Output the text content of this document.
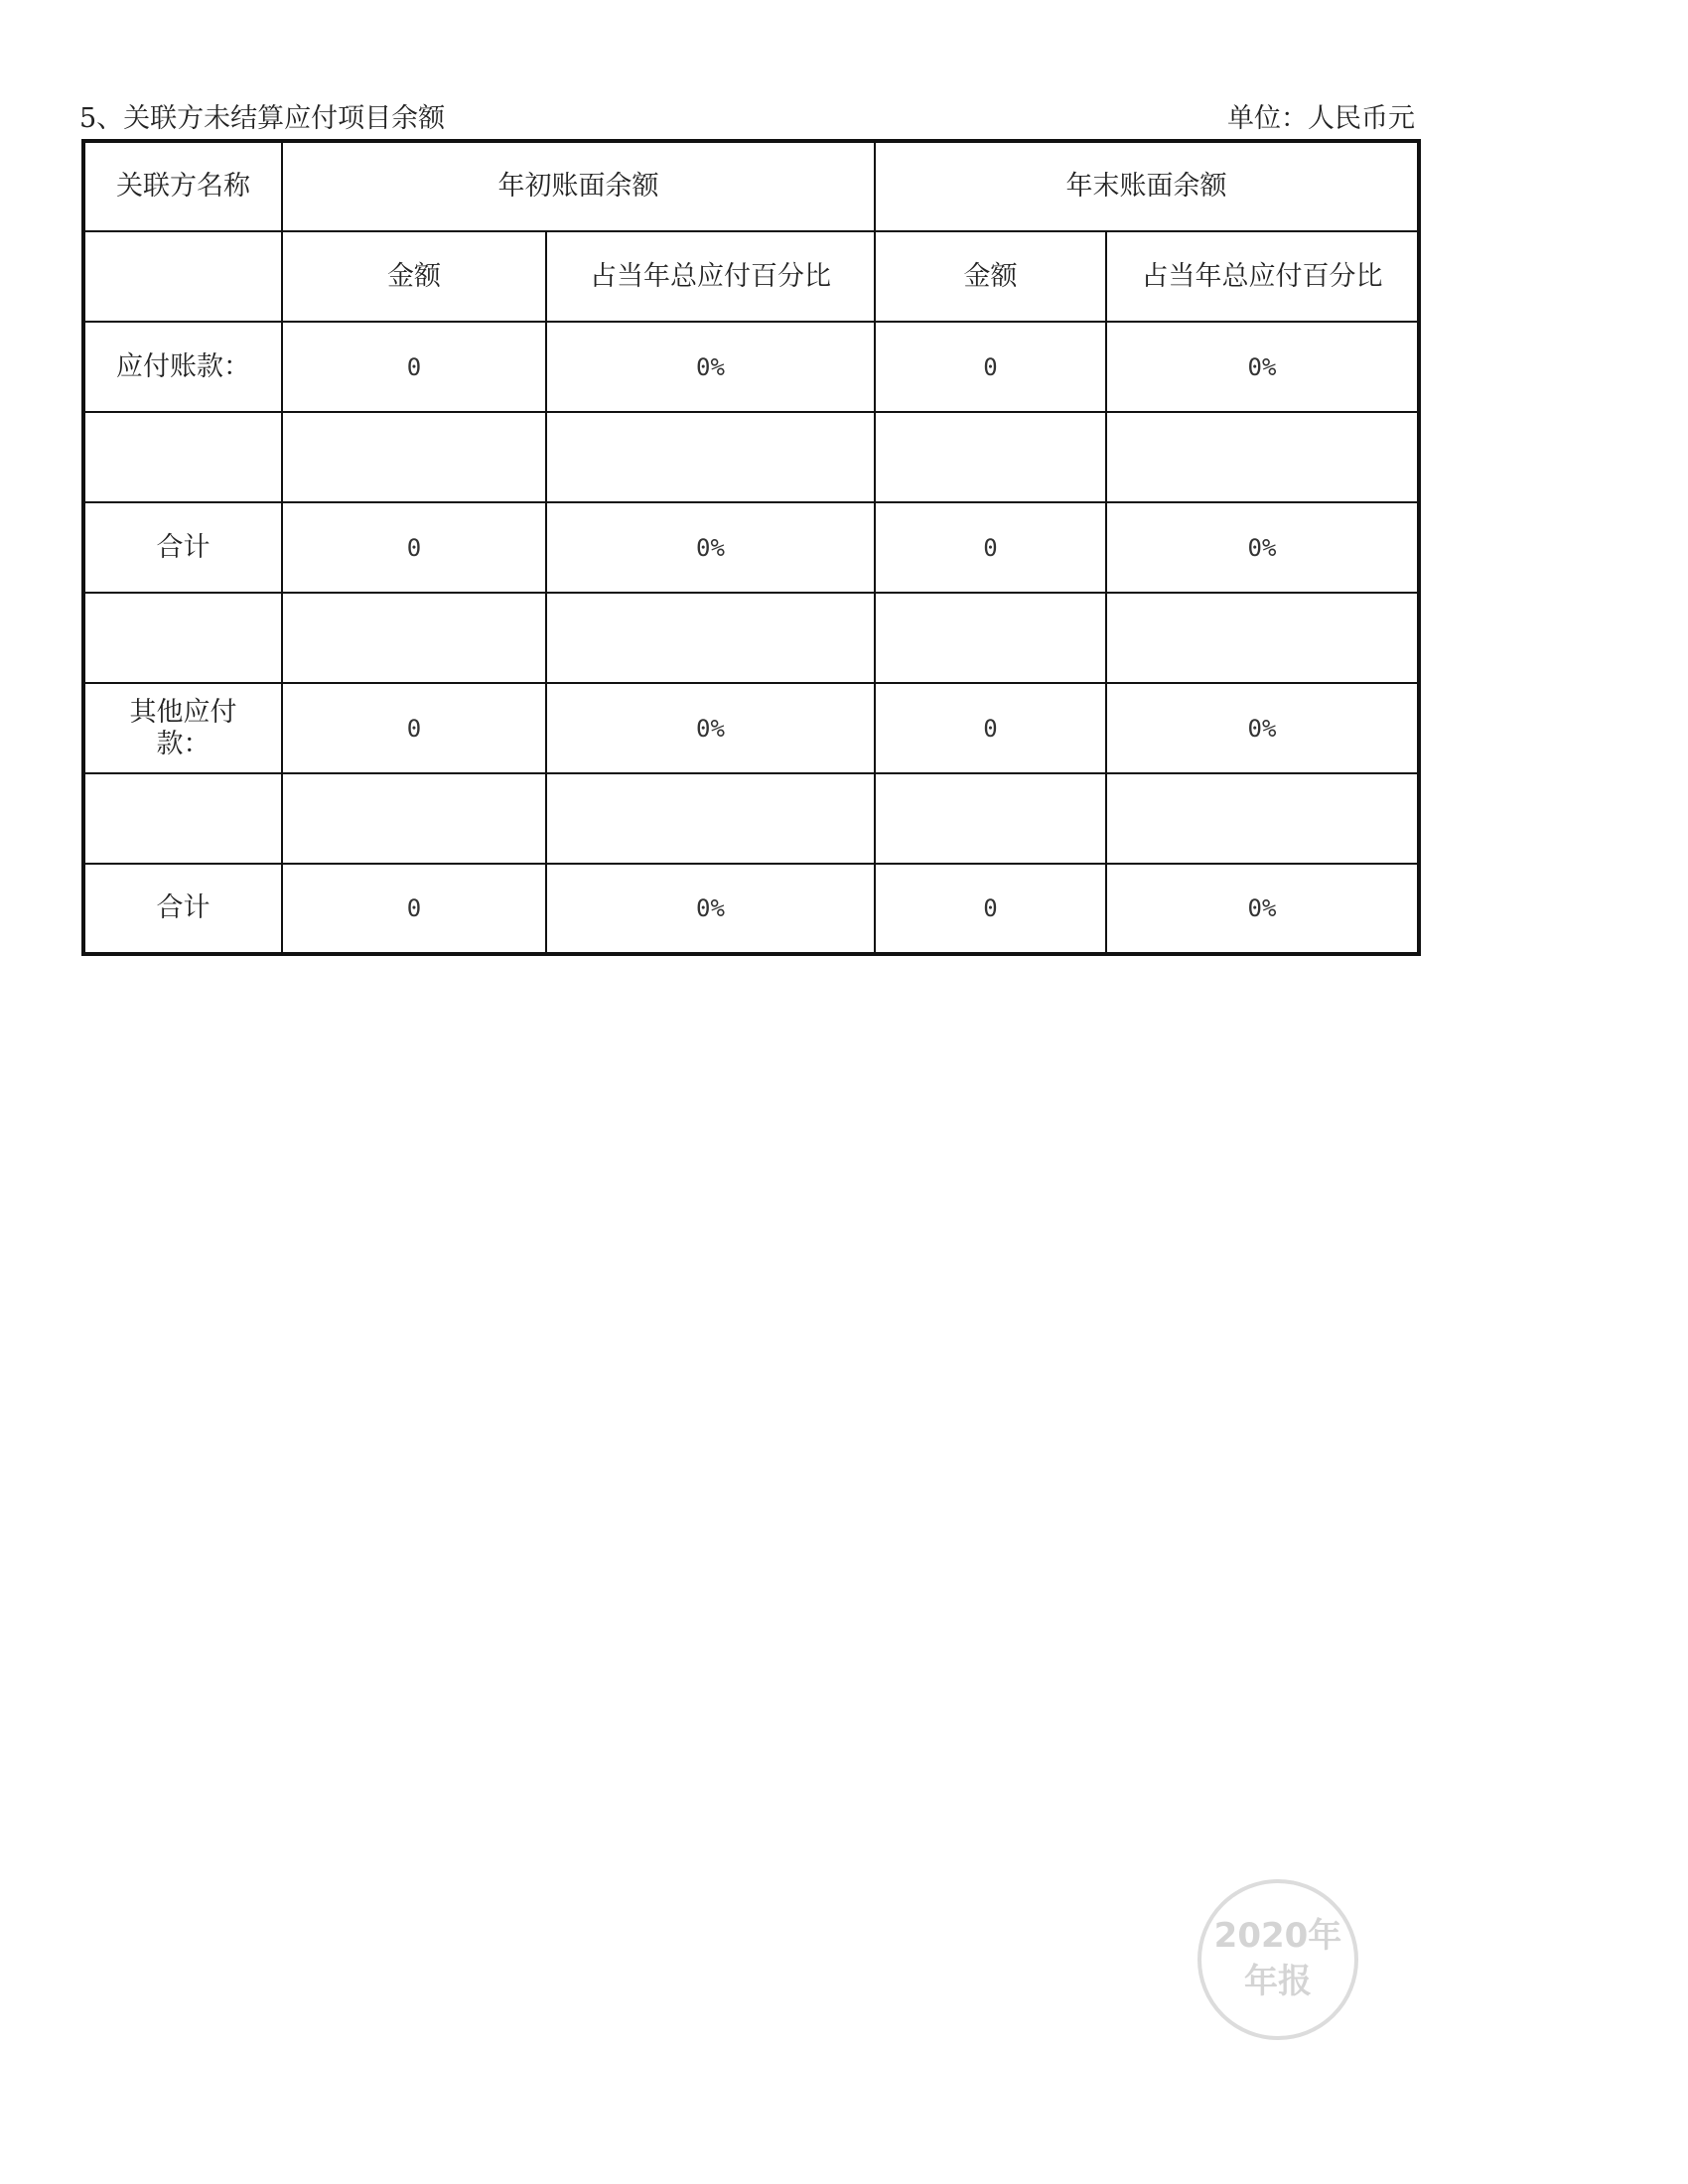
5、关联方未结算应付项目余额	单位：人民币元
关联方名称	年初账面余额		年末账面余额	
	金额	占当年总应付百分比	金额	占当年总应付百分比
应付账款：	0	0%	0	0%

合计	0	0%	0	0%

其他应付款：	0	0%	0	0%

合计	0	0%	0	0%
2020年
年报
